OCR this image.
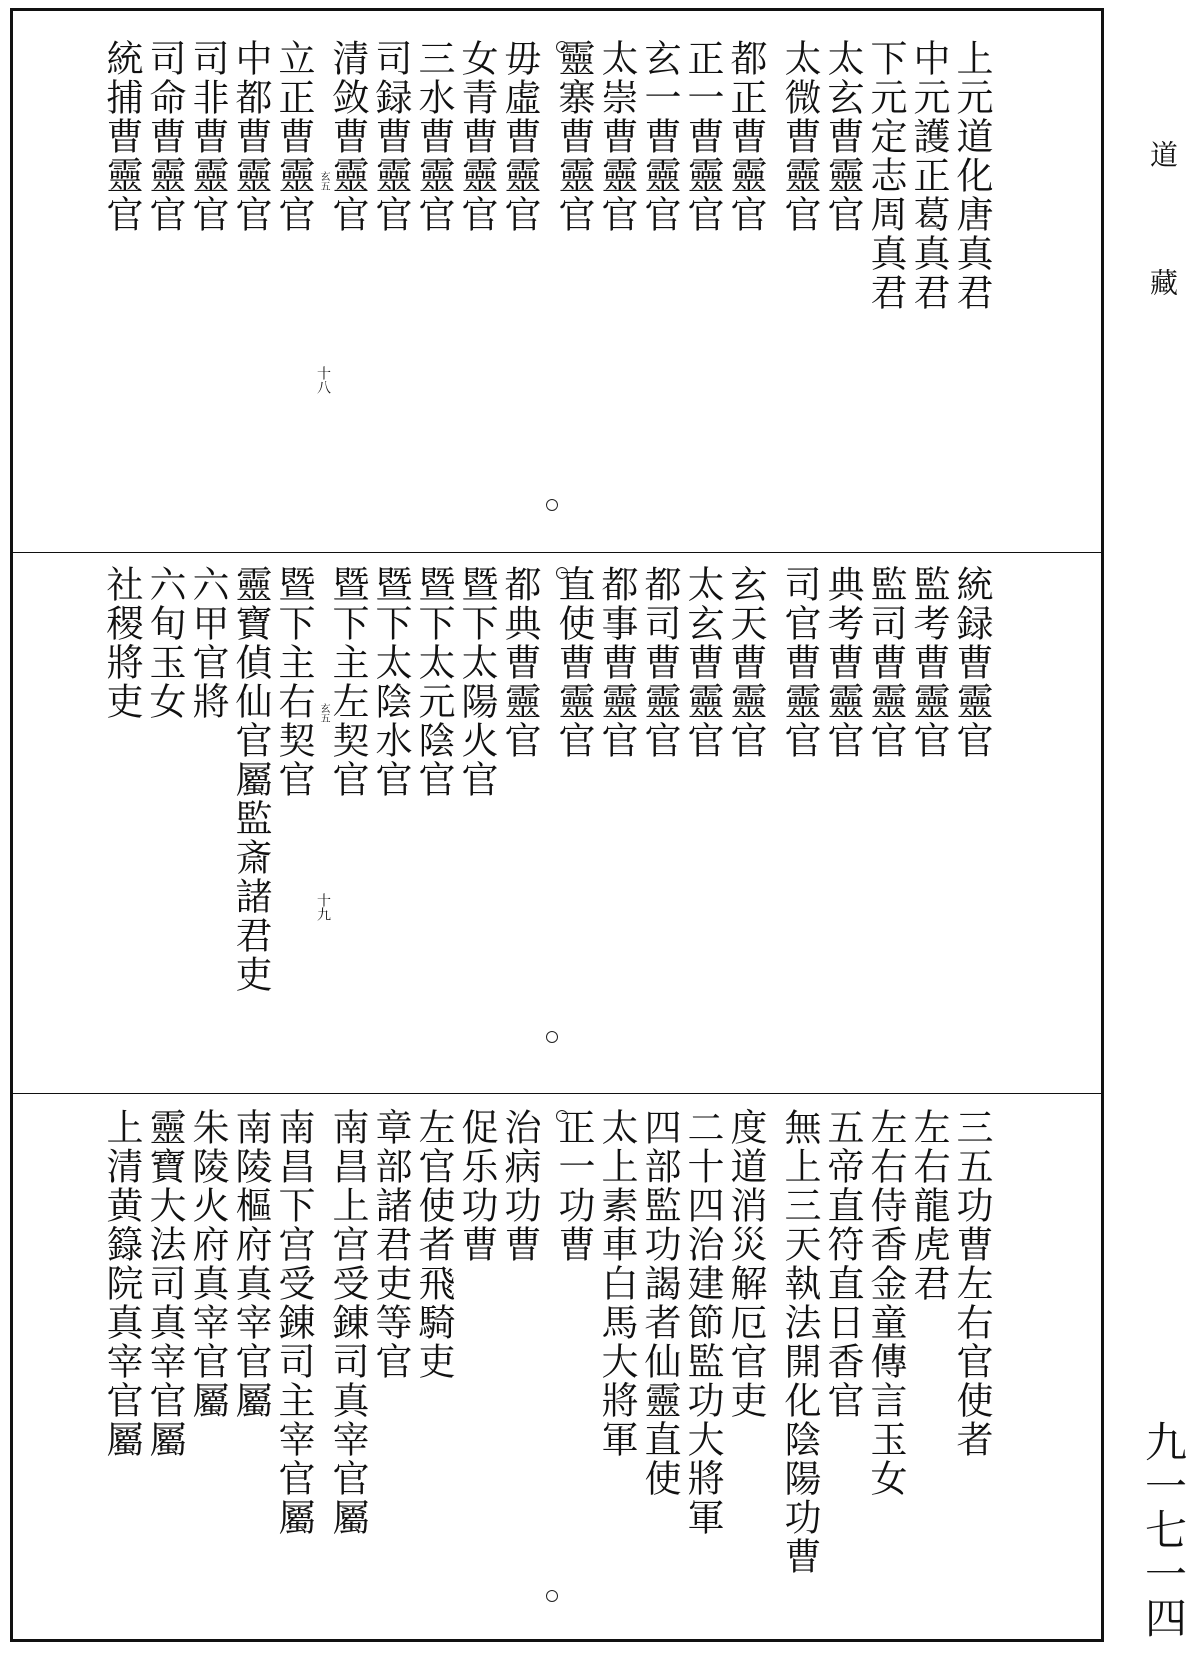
上元道化唐真君
中元護正葛真君
下元定志周真君
太玄曹靈官
太微曹靈官
都正曹靈官
正一曹靈官
玄一曹靈官
太崇曹靈官
靈寨曹靈官
毋虛曹靈官
女青曹靈官
三水曹靈官
司録曹靈官
清敛曹靈官
立正曹靈官
中都曹靈官
司非曹靈官
司命曹靈官
統捕曹靈官	玄五
十八
統録曹靈官
監考曹靈官
監司曹靈官
典考曹靈官
司官曹靈官
玄天曹靈官
太玄曹靈官
都司曹靈官
都事曹靈官
直使曹靈官
都典曹靈官
暨下太陽火官
暨下太元陰官
暨下太陰水官
暨下主左契官
暨下主右契官
靈寶偵仙官屬監斎諸君吏
六甲官將
六旬玉女
社稷將吏	玄五
十九
三五功曹左右官使者
左右龍虎君
左右侍香金童傳言玉女
五帝直符直日香官
無上三天執法開化陰陽功曹
度道消災解厄官吏
二十四治建節監功大將軍
四部監功謁者仙靈直使
太上素車白馬大將軍
正一功曹
治病功曹
促乐功曹
左官使者飛騎吏
章部諸君吏等官
南昌上宫受錬司真宰官屬
南昌下宫受錬司主宰官屬
南陵樞府真宰官屬
朱陵火府真宰官屬
靈寶大法司真宰官屬
上清黄籙院真宰官屬
道
藏
九一七一四
